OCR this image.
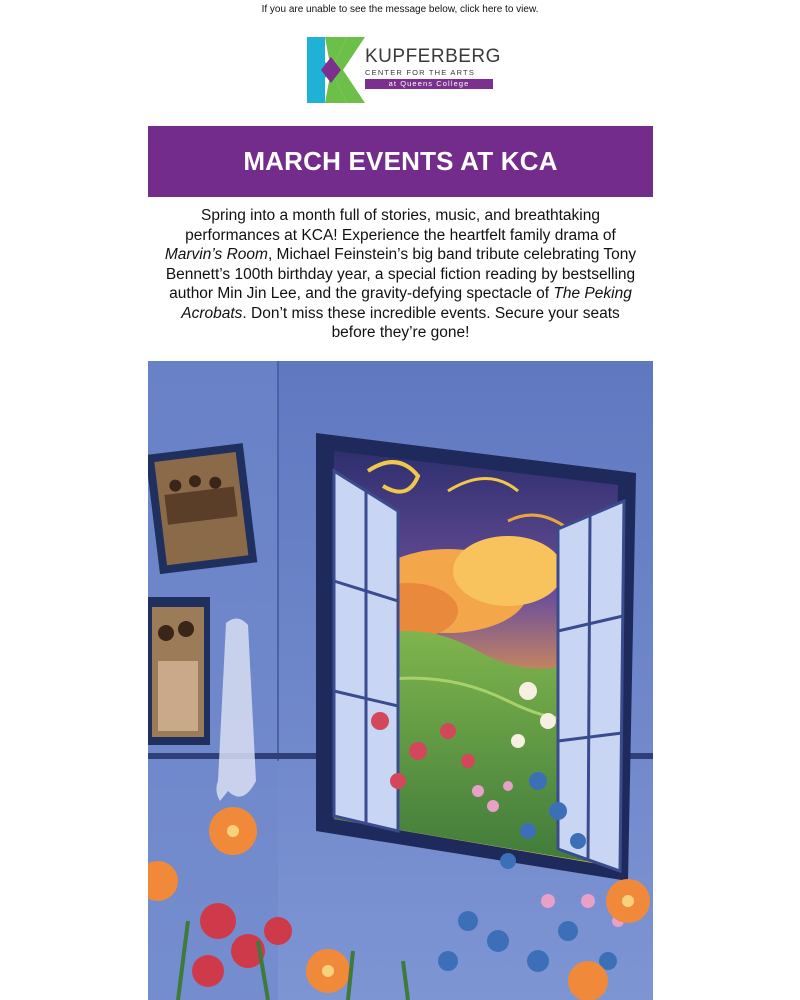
If you are unable to see the message below, click here to view.
KUPFERBERG
CENTER FOR THE ARTS
at Queens College
MARCH EVENTS AT KCA
Spring into a month full of stories, music, and breathtaking performances at KCA! Experience the heartfelt family drama of Marvin’s Room, Michael Feinstein’s big band tribute celebrating Tony Bennett’s 100th birthday year, a special fiction reading by bestselling author Min Jin Lee, and the gravity-defying spectacle of The Peking Acrobats. Don’t miss these incredible events. Secure your seats before they’re gone!
